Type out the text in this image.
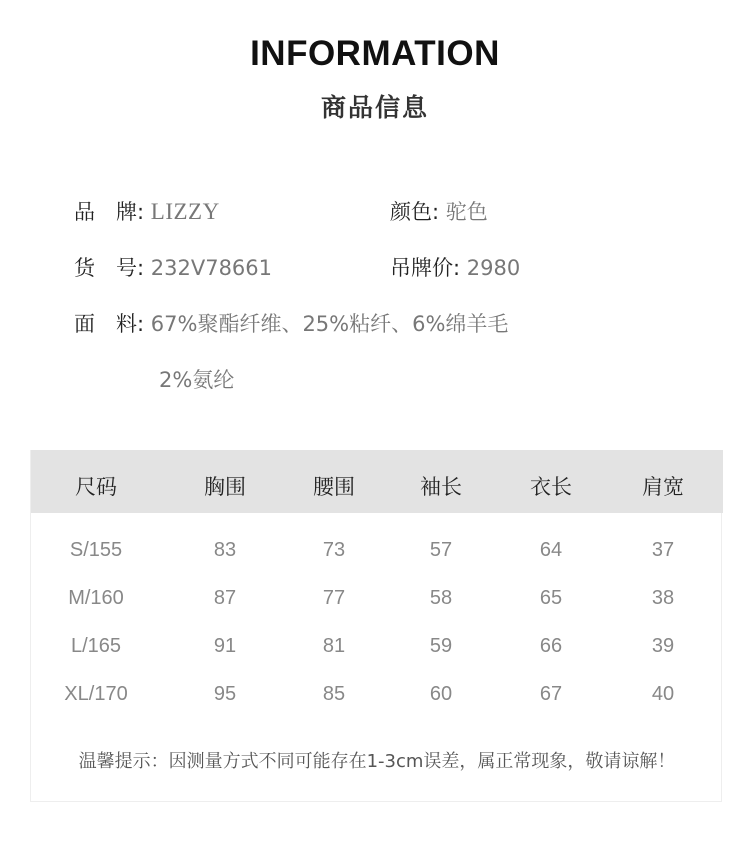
INFORMATION
商品信息
品　牌: LIZZY	颜色: 驼色
货　号: 232V78661	吊牌价: 2980
面　料: 67%聚酯纤维、25%粘纤、6%绵羊毛
2%氨纶
尺码	胸围	腰围	袖长	衣长	肩宽
S/155	83	73	57	64	37
M/160	87	77	58	65	38
L/165	91	81	59	66	39
XL/170	95	85	60	67	40
温馨提示：因测量方式不同可能存在1-3cm误差，属正常现象，敬请谅解！
